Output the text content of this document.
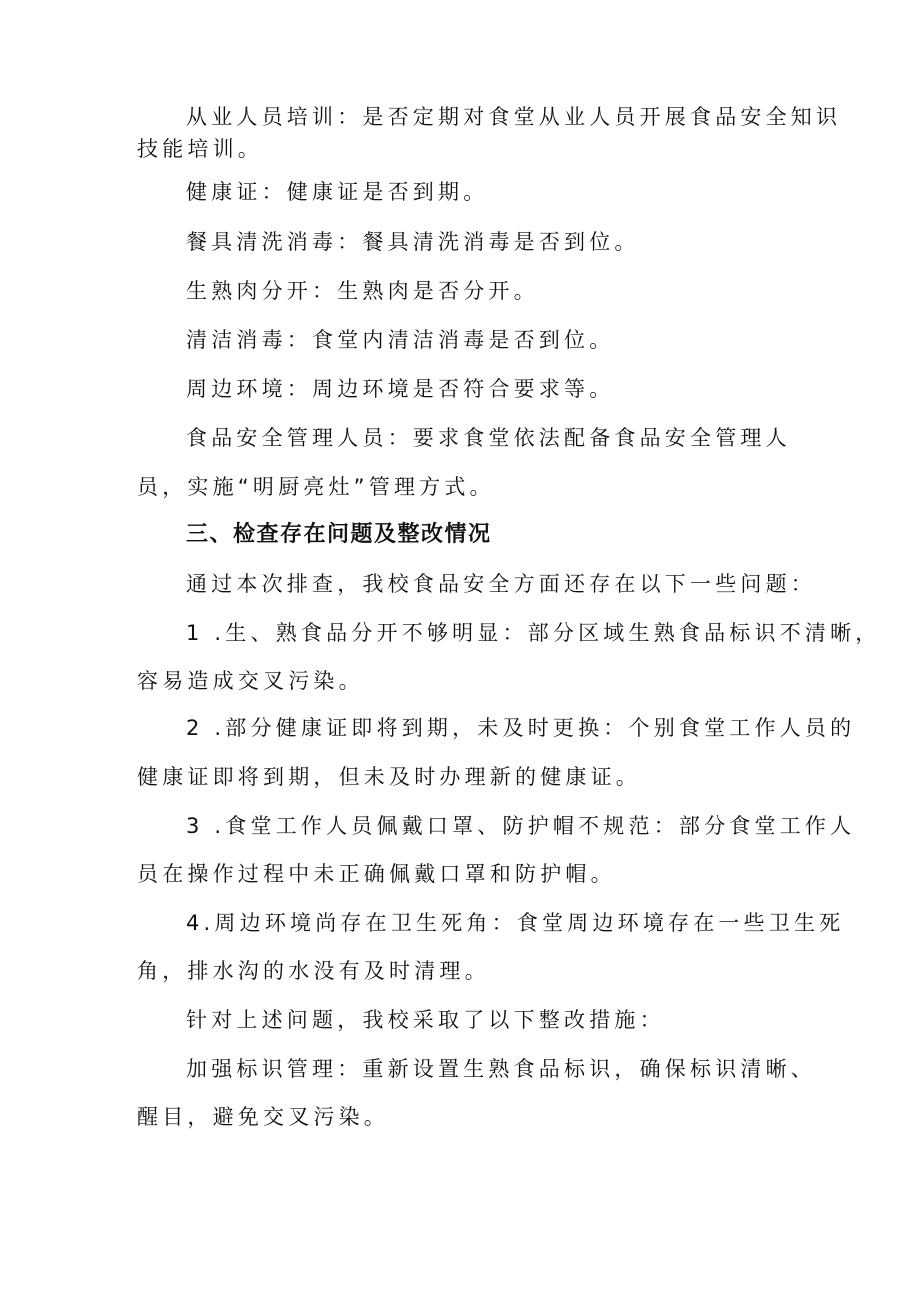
从业人员培训：是否定期对食堂从业人员开展食品安全知识

技能培训。

健康证：健康证是否到期。

餐具清洗消毒：餐具清洗消毒是否到位。

生熟肉分开：生熟肉是否分开。

清洁消毒：食堂内清洁消毒是否到位。

周边环境：周边环境是否符合要求等。

食品安全管理人员：要求食堂依法配备食品安全管理人

员，实施“明厨亮灶”管理方式。

三、检查存在问题及整改情况

通过本次排查，我校食品安全方面还存在以下一些问题：

1 .生、熟食品分开不够明显：部分区域生熟食品标识不清晰，

容易造成交叉污染。

2 .部分健康证即将到期，未及时更换：个别食堂工作人员的

健康证即将到期，但未及时办理新的健康证。

3 .食堂工作人员佩戴口罩、防护帽不规范：部分食堂工作人

员在操作过程中未正确佩戴口罩和防护帽。

4.周边环境尚存在卫生死角：食堂周边环境存在一些卫生死

角，排水沟的水没有及时清理。

针对上述问题，我校采取了以下整改措施：

加强标识管理：重新设置生熟食品标识，确保标识清晰、

醒目，避免交叉污染。
